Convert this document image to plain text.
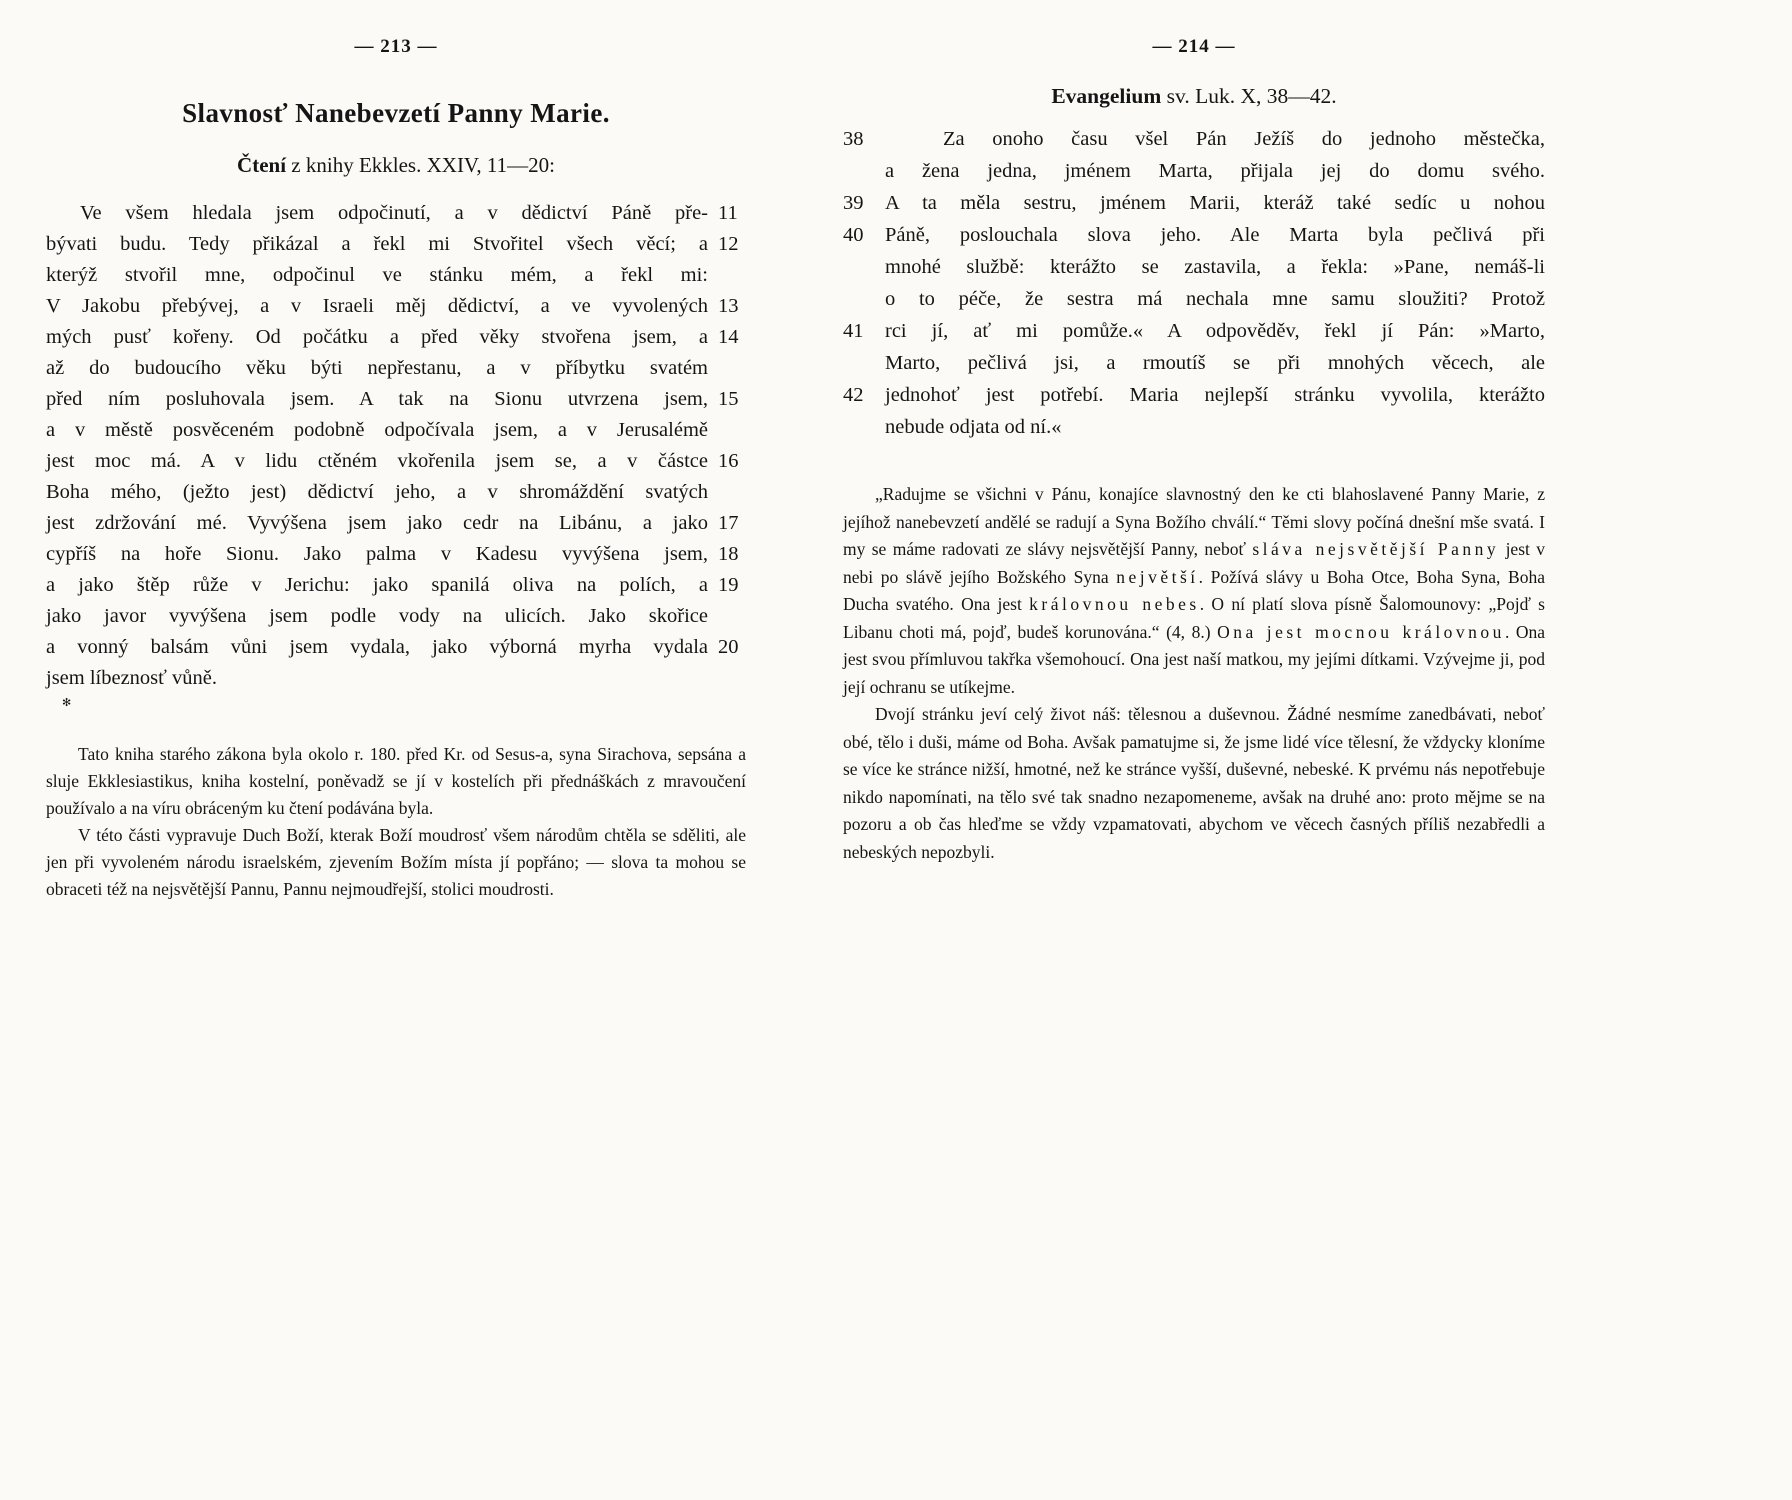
— 213 —
Slavnosť Nanebevzetí Panny Marie.
Čtení z knihy Ekkles. XXIV, 11—20:
Ve všem hledala jsem odpočinutí, a v dědictví Páně pře- 11
bývati budu. Tedy přikázal a řekl mi Stvořitel všech věcí; a 12
kterýž stvořil mne, odpočinul ve stánku mém, a řekl mi:
V Jakobu přebývej, a v Israeli měj dědictví, a ve vyvolených 13
mých pusť kořeny. Od počátku a před věky stvořena jsem, a 14
až do budoucího věku býti nepřestanu, a v příbytku svatém
před ním posluhovala jsem. A tak na Sionu utvrzena jsem, 15
a v městě posvěceném podobně odpočívala jsem, a v Jerusalémě
jest moc má. A v lidu ctěném vkořenila jsem se, a v částce 16
Boha mého, (ježto jest) dědictví jeho, a v shromáždění svatých
jest zdržování mé. Vyvýšena jsem jako cedr na Libánu, a jako 17
cypříš na hoře Sionu. Jako palma v Kadesu vyvýšena jsem, 18
a jako štěp růže v Jerichu: jako spanilá oliva na polích, a 19
jako javor vyvýšena jsem podle vody na ulicích. Jako skořice
a vonný balsám vůni jsem vydala, jako výborná myrha vydala 20
jsem líbeznosť vůně.
✻

Tato kniha starého zákona byla okolo r. 180. před Kr. od Sesus-a, syna Sirachova, sepsána a sluje Ekklesiastikus, kniha kostelní, poněvadž se jí v kostelích při přednáškách z mravoučení používalo a na víru obráceným ku čtení podávána byla.

V této části vypravuje Duch Boží, kterak Boží moudrosť všem národům chtěla se sděliti, ale jen při vyvoleném národu israelském, zjevením Božím místa jí popřáno; — slova ta mohou se obraceti též na nejsvětější Pannu, Pannu nejmoudřejší, stolici moudrosti.

— 214 —
Evangelium sv. Luk. X, 38—42.
38	Za onoho času všel Pán Ježíš do jednoho městečka,
a žena jedna, jménem Marta, přijala jej do domu svého.
39	A ta měla sestru, jménem Marii, kteráž také sedíc u nohou
40	Páně, poslouchala slova jeho. Ale Marta byla pečlivá při
mnohé službě: kterážto se zastavila, a řekla: »Pane, nemáš-li
o to péče, že sestra má nechala mne samu sloužiti? Protož
41	rci jí, ať mi pomůže.« A odpověděv, řekl jí Pán: »Marto,
Marto, pečlivá jsi, a rmoutíš se při mnohých věcech, ale
42	jednohoť jest potřebí. Maria nejlepší stránku vyvolila, kterážto
nebude odjata od ní.«

„Radujme se všichni v Pánu, konajíce slavnostný den ke cti blahoslavené Panny Marie, z jejíhož nanebevzetí andělé se radují a Syna Božího chválí.“ Těmi slovy počíná dnešní mše svatá. I my se máme radovati ze slávy nejsvětější Panny, neboť sláva nejsvětější Panny jest v nebi po slávě jejího Božského Syna největší. Požívá slávy u Boha Otce, Boha Syna, Boha Ducha svatého. Ona jest královnou nebes. O ní platí slova písně Šalomounovy: „Pojď s Libanu choti má, pojď, budeš korunována.“ (4, 8.) Ona jest mocnou královnou. Ona jest svou přímluvou takřka všemohoucí. Ona jest naší matkou, my jejími dítkami. Vzývejme ji, pod její ochranu se utíkejme.

Dvojí stránku jeví celý život náš: tělesnou a duševnou. Žádné nesmíme zanedbávati, neboť obé, tělo i duši, máme od Boha. Avšak pamatujme si, že jsme lidé více tělesní, že vždycky kloníme se více ke stránce nižší, hmotné, než ke stránce vyšší, duševné, nebeské. K prvému nás nepotřebuje nikdo napomínati, na tělo své tak snadno nezapomeneme, avšak na druhé ano: proto mějme se na pozoru a ob čas hleďme se vždy vzpamatovati, abychom ve věcech časných příliš nezabředli a nebeských nepozbyli.
